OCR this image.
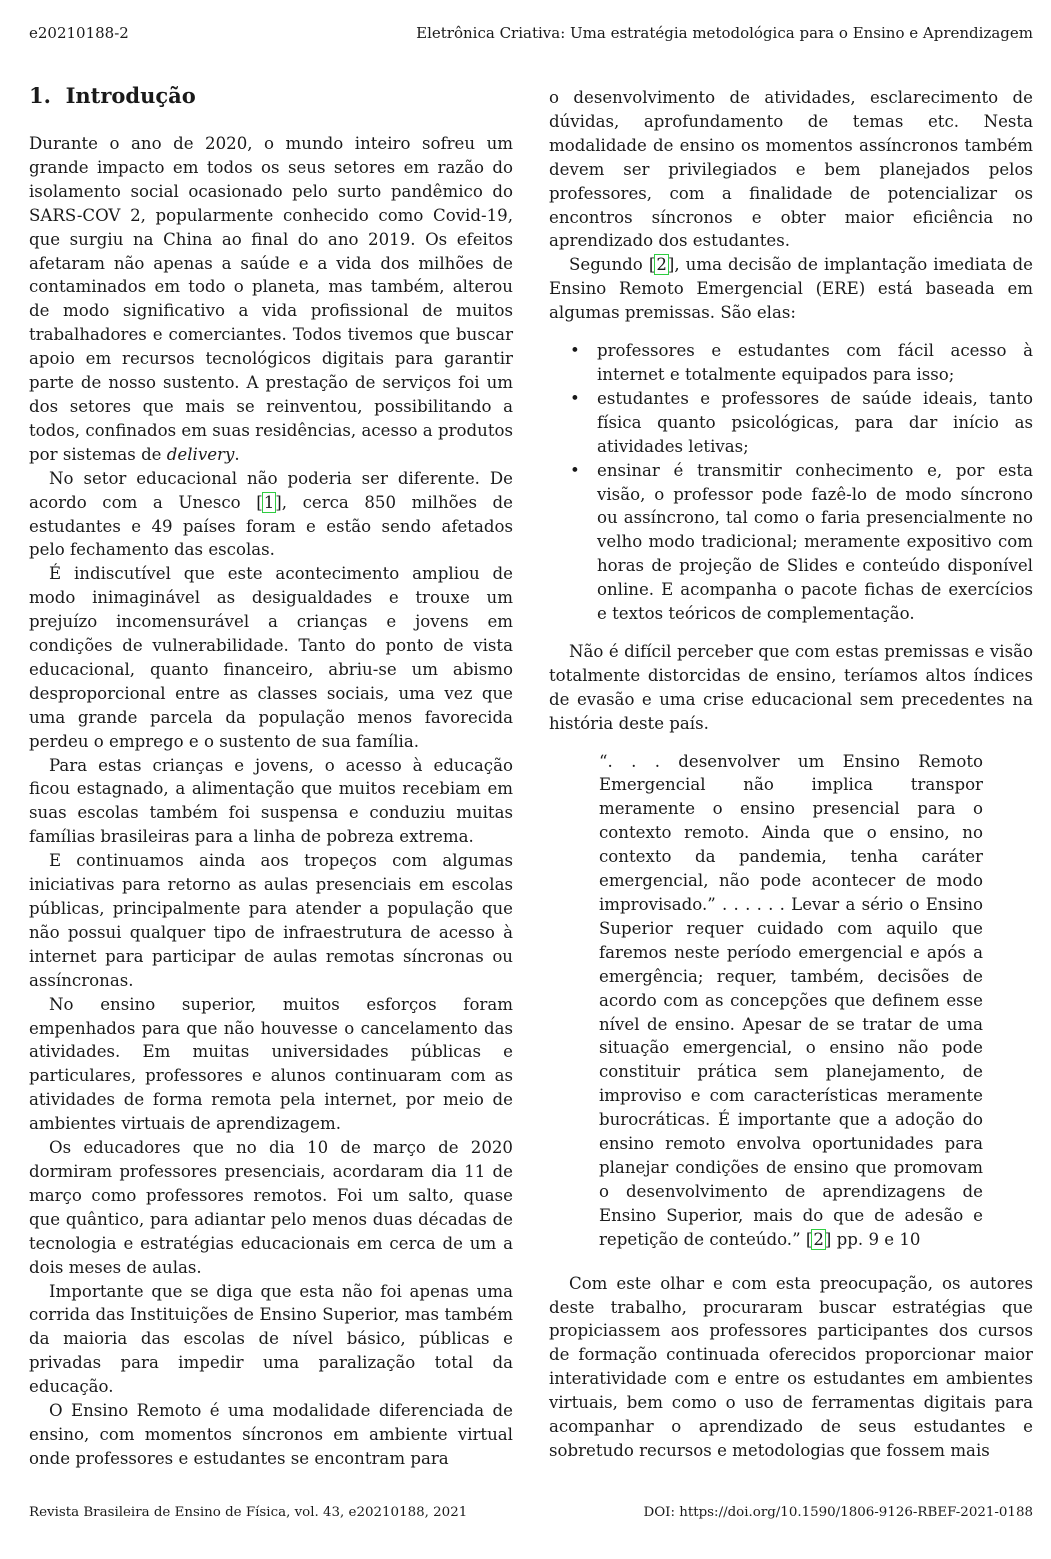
e20210188-2	Eletrônica Criativa: Uma estratégia metodológica para o Ensino e Aprendizagem
1. Introdução

Durante o ano de 2020, o mundo inteiro sofreu um grande impacto em todos os seus setores em razão do isolamento social ocasionado pelo surto pandêmico do SARS-COV 2, popularmente conhecido como Covid-19, que surgiu na China ao final do ano 2019. Os efeitos afetaram não apenas a saúde e a vida dos milhões de contaminados em todo o planeta, mas também, alterou de modo significativo a vida profissional de muitos trabalhadores e comerciantes. Todos tivemos que buscar apoio em recursos tecnológicos digitais para garantir parte de nosso sustento. A prestação de serviços foi um dos setores que mais se reinventou, possibilitando a todos, confinados em suas residências, acesso a produtos por sistemas de delivery.

No setor educacional não poderia ser diferente. De acordo com a Unesco [1], cerca 850 milhões de estudantes e 49 países foram e estão sendo afetados pelo fechamento das escolas.

É indiscutível que este acontecimento ampliou de modo inimaginável as desigualdades e trouxe um prejuízo incomensurável a crianças e jovens em condições de vulnerabilidade. Tanto do ponto de vista educacional, quanto financeiro, abriu-se um abismo desproporcional entre as classes sociais, uma vez que uma grande parcela da população menos favorecida perdeu o emprego e o sustento de sua família.

Para estas crianças e jovens, o acesso à educação ficou estagnado, a alimentação que muitos recebiam em suas escolas também foi suspensa e conduziu muitas famílias brasileiras para a linha de pobreza extrema.

E continuamos ainda aos tropeços com algumas iniciativas para retorno as aulas presenciais em escolas públicas, principalmente para atender a população que não possui qualquer tipo de infraestrutura de acesso à internet para participar de aulas remotas síncronas ou assíncronas.

No ensino superior, muitos esforços foram empenhados para que não houvesse o cancelamento das atividades. Em muitas universidades públicas e particulares, professores e alunos continuaram com as atividades de forma remota pela internet, por meio de ambientes virtuais de aprendizagem.

Os educadores que no dia 10 de março de 2020 dormiram professores presenciais, acordaram dia 11 de março como professores remotos. Foi um salto, quase que quântico, para adiantar pelo menos duas décadas de tecnologia e estratégias educacionais em cerca de um a dois meses de aulas.

Importante que se diga que esta não foi apenas uma corrida das Instituições de Ensino Superior, mas também da maioria das escolas de nível básico, públicas e privadas para impedir uma paralização total da educação.

O Ensino Remoto é uma modalidade diferenciada de ensino, com momentos síncronos em ambiente virtual onde professores e estudantes se encontram para

o desenvolvimento de atividades, esclarecimento de dúvidas, aprofundamento de temas etc. Nesta modalidade de ensino os momentos assíncronos também devem ser privilegiados e bem planejados pelos professores, com a finalidade de potencializar os encontros síncronos e obter maior eficiência no aprendizado dos estudantes.

Segundo [2], uma decisão de implantação imediata de Ensino Remoto Emergencial (ERE) está baseada em algumas premissas. São elas:

• professores e estudantes com fácil acesso à internet e totalmente equipados para isso;
• estudantes e professores de saúde ideais, tanto física quanto psicológicas, para dar início as atividades letivas;
• ensinar é transmitir conhecimento e, por esta visão, o professor pode fazê-lo de modo síncrono ou assíncrono, tal como o faria presencialmente no velho modo tradicional; meramente expositivo com horas de projeção de Slides e conteúdo disponível online. E acompanha o pacote fichas de exercícios e textos teóricos de complementação.

Não é difícil perceber que com estas premissas e visão totalmente distorcidas de ensino, teríamos altos índices de evasão e uma crise educacional sem precedentes na história deste país.

“. . . desenvolver um Ensino Remoto Emergencial não implica transpor meramente o ensino presencial para o contexto remoto. Ainda que o ensino, no contexto da pandemia, tenha caráter emergencial, não pode acontecer de modo improvisado.” . . . . . . Levar a sério o Ensino Superior requer cuidado com aquilo que faremos neste período emergencial e após a emergência; requer, também, decisões de acordo com as concepções que definem esse nível de ensino. Apesar de se tratar de uma situação emergencial, o ensino não pode constituir prática sem planejamento, de improviso e com características meramente burocráticas. É importante que a adoção do ensino remoto envolva oportunidades para planejar condições de ensino que promovam o desenvolvimento de aprendizagens de Ensino Superior, mais do que de adesão e repetição de conteúdo.” [2] pp. 9 e 10

Com este olhar e com esta preocupação, os autores deste trabalho, procuraram buscar estratégias que propiciassem aos professores participantes dos cursos de formação continuada oferecidos proporcionar maior interatividade com e entre os estudantes em ambientes virtuais, bem como o uso de ferramentas digitais para acompanhar o aprendizado de seus estudantes e sobretudo recursos e metodologias que fossem mais

Revista Brasileira de Ensino de Física, vol. 43, e20210188, 2021	DOI: https://doi.org/10.1590/1806-9126-RBEF-2021-0188
